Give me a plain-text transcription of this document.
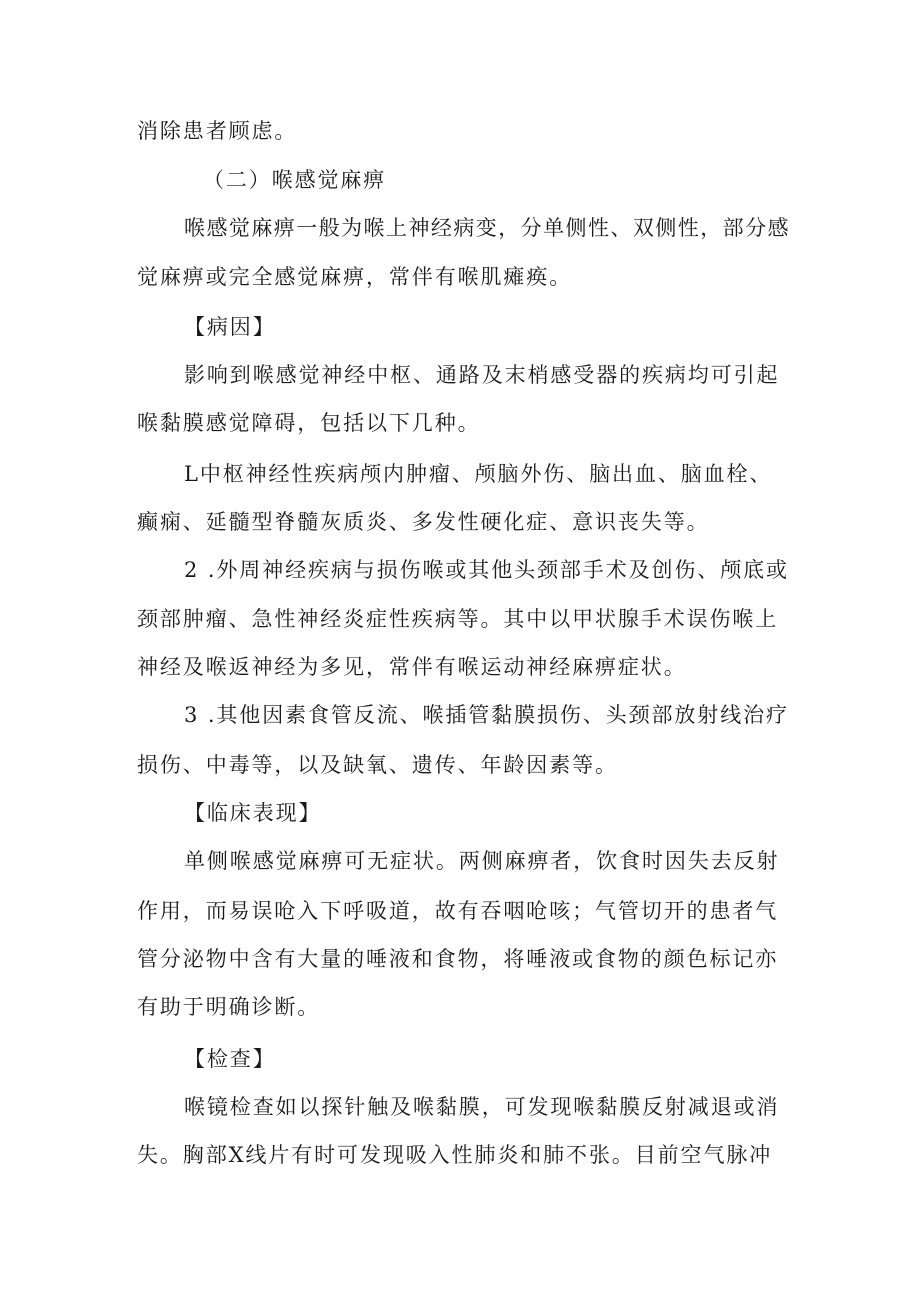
消除患者顾虑。
（二）喉感觉麻痹
喉感觉麻痹一般为喉上神经病变，分单侧性、双侧性，部分感
觉麻痹或完全感觉麻痹，常伴有喉肌瘫痪。
【病因】
影响到喉感觉神经中枢、通路及末梢感受器的疾病均可引起
喉黏膜感觉障碍，包括以下几种。
L中枢神经性疾病颅内肿瘤、颅脑外伤、脑出血、脑血栓、
癫痫、延髓型脊髓灰质炎、多发性硬化症、意识丧失等。
2 .外周神经疾病与损伤喉或其他头颈部手术及创伤、颅底或
颈部肿瘤、急性神经炎症性疾病等。其中以甲状腺手术误伤喉上
神经及喉返神经为多见，常伴有喉运动神经麻痹症状。
3 .其他因素食管反流、喉插管黏膜损伤、头颈部放射线治疗
损伤、中毒等，以及缺氧、遗传、年龄因素等。
【临床表现】
单侧喉感觉麻痹可无症状。两侧麻痹者，饮食时因失去反射
作用，而易误呛入下呼吸道，故有吞咽呛咳；气管切开的患者气
管分泌物中含有大量的唾液和食物，将唾液或食物的颜色标记亦
有助于明确诊断。
【检查】
喉镜检查如以探针触及喉黏膜，可发现喉黏膜反射减退或消
失。胸部X线片有时可发现吸入性肺炎和肺不张。目前空气脉冲
